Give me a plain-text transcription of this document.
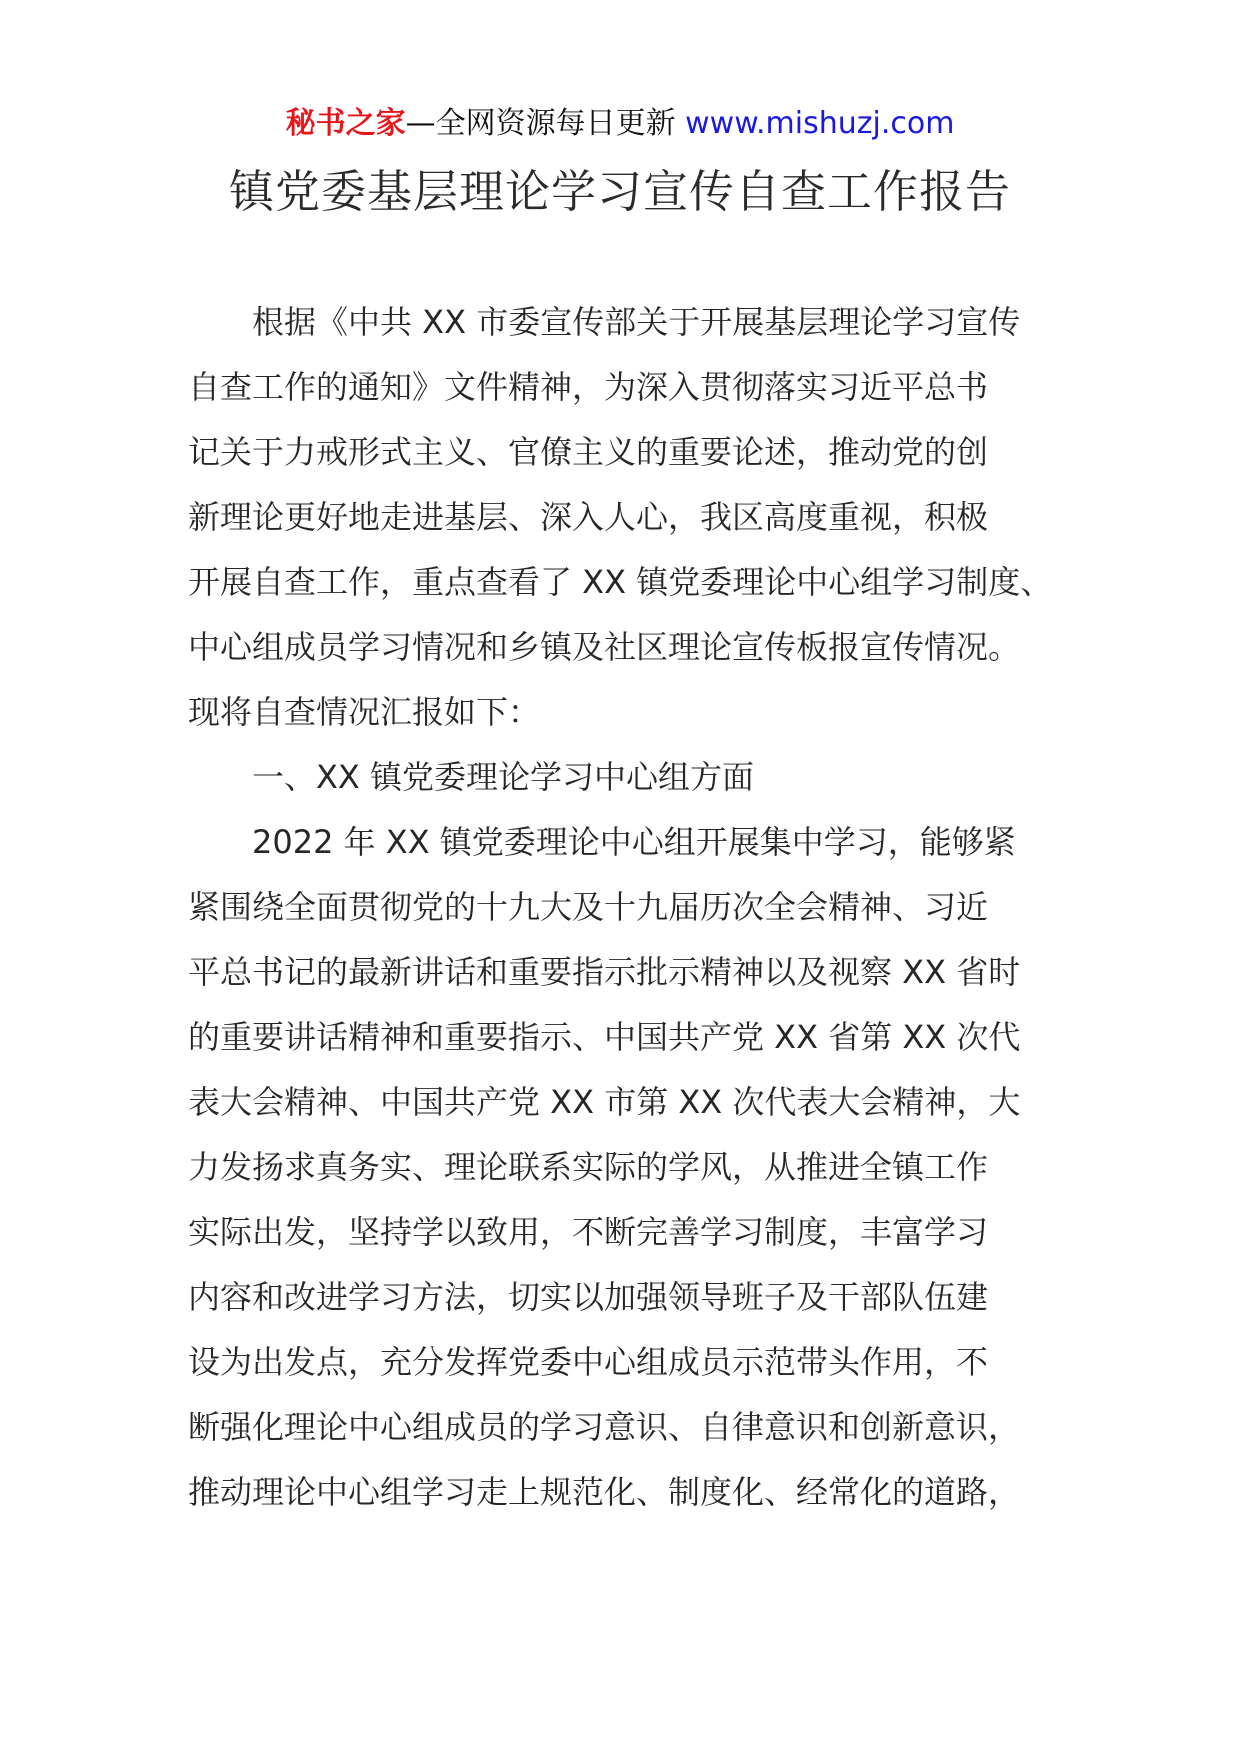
秘书之家—全网资源每日更新 www.mishuzj.com
镇党委基层理论学习宣传自查工作报告
根据《中共 XX 市委宣传部关于开展基层理论学习宣传
自查工作的通知》文件精神，为深入贯彻落实习近平总书
记关于力戒形式主义、官僚主义的重要论述，推动党的创
新理论更好地走进基层、深入人心，我区高度重视，积极
开展自查工作，重点查看了 XX 镇党委理论中心组学习制度、
中心组成员学习情况和乡镇及社区理论宣传板报宣传情况。
现将自查情况汇报如下：
一、XX 镇党委理论学习中心组方面
2022 年 XX 镇党委理论中心组开展集中学习，能够紧
紧围绕全面贯彻党的十九大及十九届历次全会精神、习近
平总书记的最新讲话和重要指示批示精神以及视察 XX 省时
的重要讲话精神和重要指示、中国共产党 XX 省第 XX 次代
表大会精神、中国共产党 XX 市第 XX 次代表大会精神，大
力发扬求真务实、理论联系实际的学风，从推进全镇工作
实际出发，坚持学以致用，不断完善学习制度，丰富学习
内容和改进学习方法，切实以加强领导班子及干部队伍建
设为出发点，充分发挥党委中心组成员示范带头作用，不
断强化理论中心组成员的学习意识、自律意识和创新意识，
推动理论中心组学习走上规范化、制度化、经常化的道路，
